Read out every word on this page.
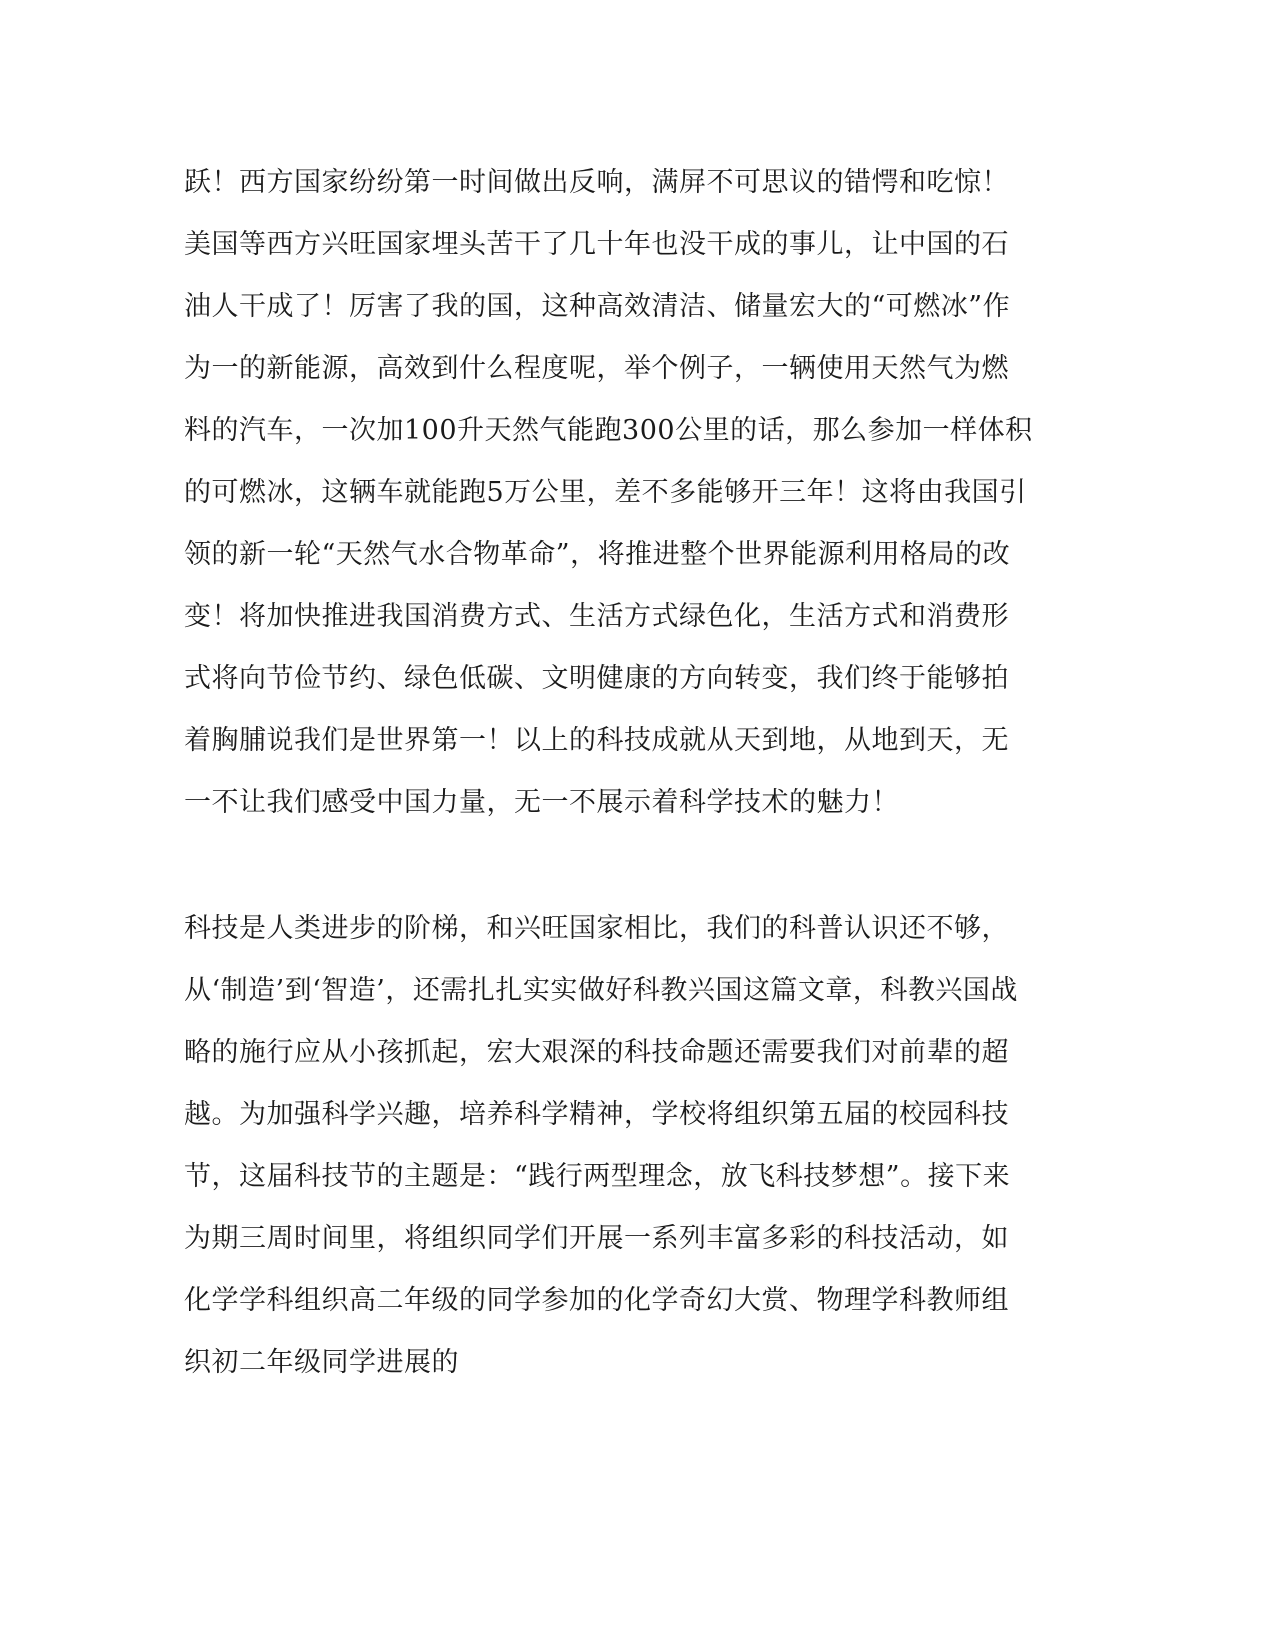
跃！西方国家纷纷第一时间做出反响，满屏不可思议的错愕和吃惊！
美国等西方兴旺国家埋头苦干了几十年也没干成的事儿，让中国的石
油人干成了！厉害了我的国，这种高效清洁、储量宏大的“可燃冰”作
为一的新能源，高效到什么程度呢，举个例子，一辆使用天然气为燃
料的汽车，一次加100升天然气能跑300公里的话，那么参加一样体积
的可燃冰，这辆车就能跑5万公里，差不多能够开三年！这将由我国引
领的新一轮“天然气水合物革命”，将推进整个世界能源利用格局的改
变！将加快推进我国消费方式、生活方式绿色化，生活方式和消费形
式将向节俭节约、绿色低碳、文明健康的方向转变，我们终于能够拍
着胸脯说我们是世界第一！以上的科技成就从天到地，从地到天，无
一不让我们感受中国力量，无一不展示着科学技术的魅力！

科技是人类进步的阶梯，和兴旺国家相比，我们的科普认识还不够，
从‘制造’到‘智造’，还需扎扎实实做好科教兴国这篇文章，科教兴国战
略的施行应从小孩抓起，宏大艰深的科技命题还需要我们对前辈的超
越。为加强科学兴趣，培养科学精神，学校将组织第五届的校园科技
节，这届科技节的主题是：“践行两型理念，放飞科技梦想”。接下来
为期三周时间里，将组织同学们开展一系列丰富多彩的科技活动，如
化学学科组织高二年级的同学参加的化学奇幻大赏、物理学科教师组
织初二年级同学进展的
